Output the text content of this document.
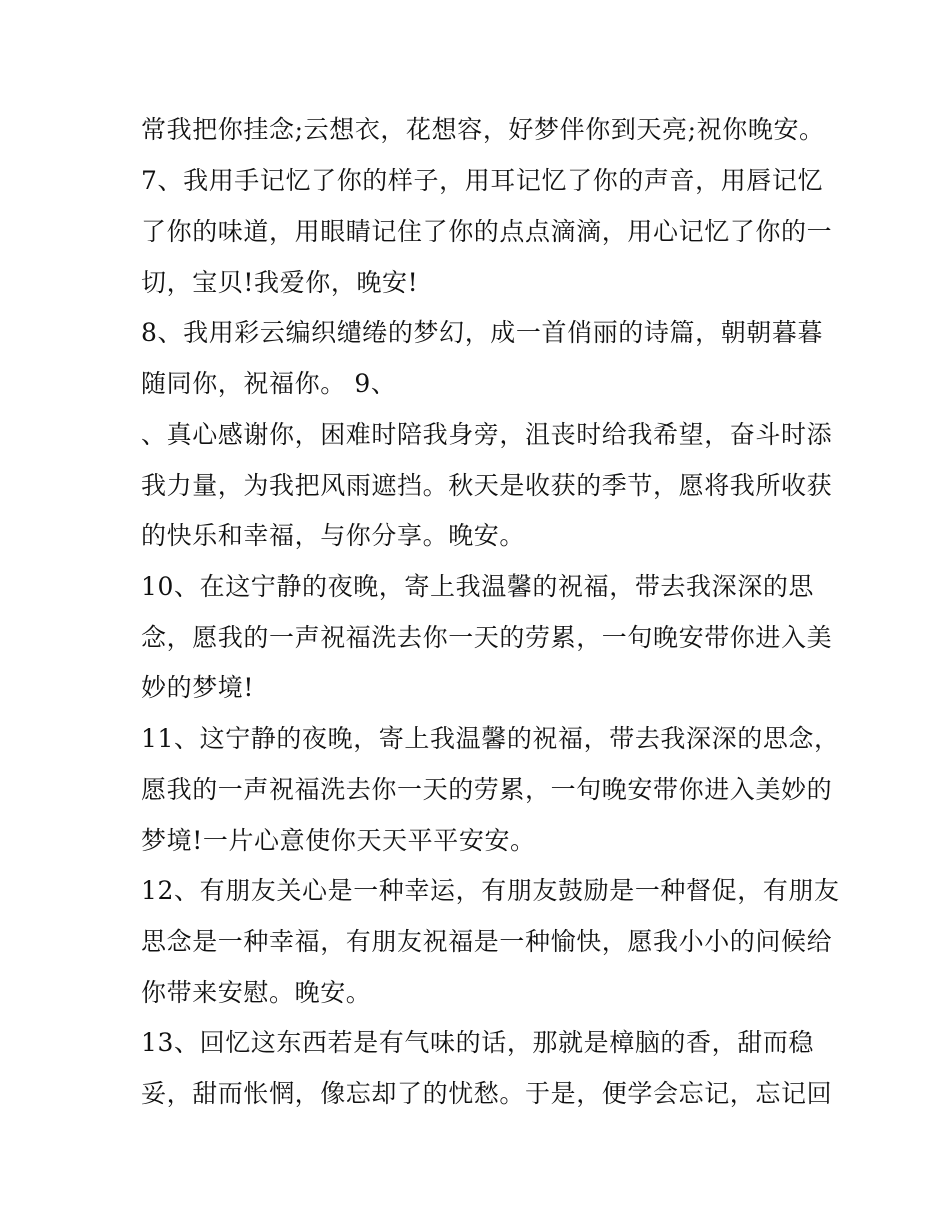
常我把你挂念;云想衣，花想容，好梦伴你到天亮;祝你晚安。
7、我用手记忆了你的样子，用耳记忆了你的声音，用唇记忆
了你的味道，用眼睛记住了你的点点滴滴，用心记忆了你的一
切，宝贝!我爱你，晚安!
8、我用彩云编织缱绻的梦幻，成一首俏丽的诗篇，朝朝暮暮
随同你，祝福你。 9、
、真心感谢你，困难时陪我身旁，沮丧时给我希望，奋斗时添
我力量，为我把风雨遮挡。秋天是收获的季节，愿将我所收获
的快乐和幸福，与你分享。晚安。
10、在这宁静的夜晚，寄上我温馨的祝福，带去我深深的思
念，愿我的一声祝福洗去你一天的劳累，一句晚安带你进入美
妙的梦境!
11、这宁静的夜晚，寄上我温馨的祝福，带去我深深的思念，
愿我的一声祝福洗去你一天的劳累，一句晚安带你进入美妙的
梦境!一片心意使你天天平平安安。
12、有朋友关心是一种幸运，有朋友鼓励是一种督促，有朋友
思念是一种幸福，有朋友祝福是一种愉快，愿我小小的问候给
你带来安慰。晚安。
13、回忆这东西若是有气味的话，那就是樟脑的香，甜而稳
妥，甜而怅惘，像忘却了的忧愁。于是，便学会忘记，忘记回
